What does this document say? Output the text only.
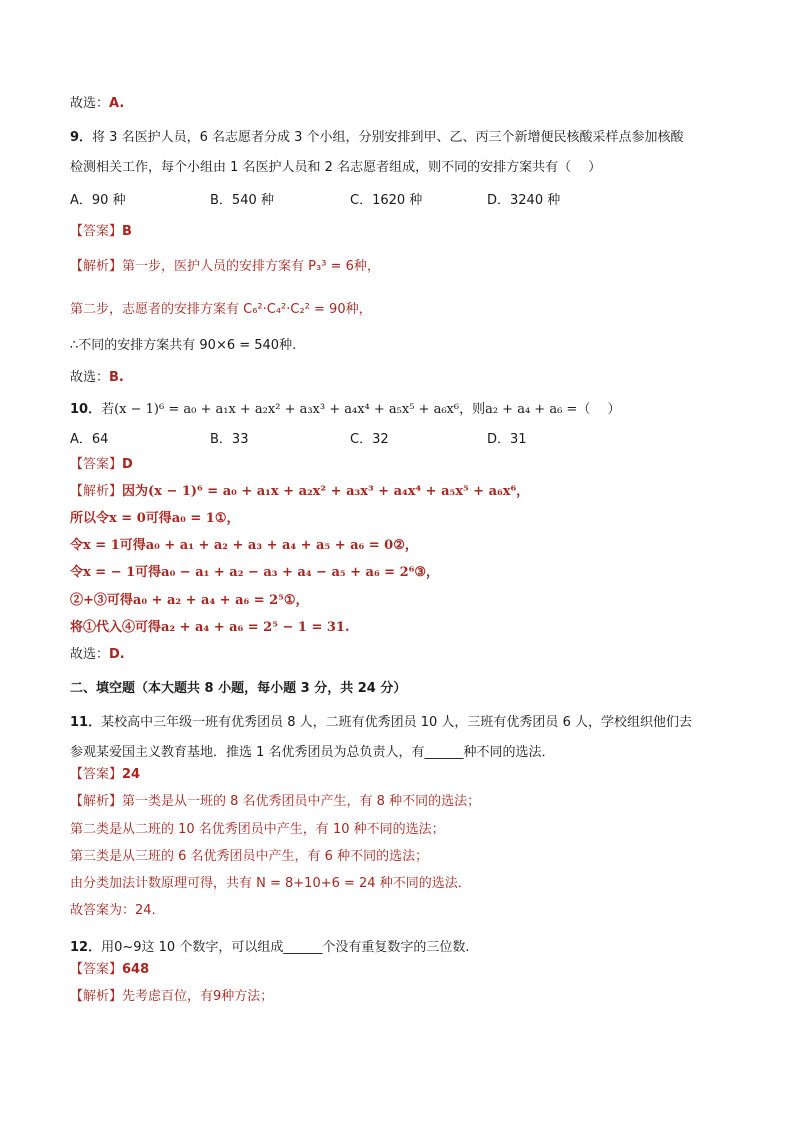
故选：A.
9．将 3 名医护人员，6 名志愿者分成 3 个小组，分别安排到甲、乙、丙三个新增便民核酸采样点参加核酸
检测相关工作，每个小组由 1 名医护人员和 2 名志愿者组成，则不同的安排方案共有（　 ）
A．90 种	B．540 种	C．1620 种	D．3240 种
【答案】B
【解析】第一步，医护人员的安排方案有 P₃³ = 6种，
第二步，志愿者的安排方案有 C₆²·C₄²·C₂² = 90种，
∴不同的安排方案共有 90×6 = 540种.
故选：B.
10．若(x − 1)⁶ = a₀ + a₁x + a₂x² + a₃x³ + a₄x⁴ + a₅x⁵ + a₆x⁶，则a₂ + a₄ + a₆ =（　 ）
A．64	B．33	C．32	D．31
【答案】D
【解析】因为(x − 1)⁶ = a₀ + a₁x + a₂x² + a₃x³ + a₄x⁴ + a₅x⁵ + a₆x⁶，
所以令x = 0可得a₀ = 1①，
令x = 1可得a₀ + a₁ + a₂ + a₃ + a₄ + a₅ + a₆ = 0②，
令x = − 1可得a₀ − a₁ + a₂ − a₃ + a₄ − a₅ + a₆ = 2⁶③，
②+③可得a₀ + a₂ + a₄ + a₆ = 2⁵①，
将①代入④可得a₂ + a₄ + a₆ = 2⁵ − 1 = 31.
故选：D.
二、填空题（本大题共 8 小题，每小题 3 分，共 24 分）
11．某校高中三年级一班有优秀团员 8 人，二班有优秀团员 10 人，三班有优秀团员 6 人，学校组织他们去
参观某爱国主义教育基地．推选 1 名优秀团员为总负责人，有______种不同的选法．
【答案】24
【解析】第一类是从一班的 8 名优秀团员中产生，有 8 种不同的选法；
第二类是从二班的 10 名优秀团员中产生，有 10 种不同的选法；
第三类是从三班的 6 名优秀团员中产生，有 6 种不同的选法；
由分类加法计数原理可得，共有 N = 8+10+6 = 24 种不同的选法．
故答案为：24.
12．用0~9这 10 个数字，可以组成______个没有重复数字的三位数.
【答案】648
【解析】先考虑百位，有9种方法；
